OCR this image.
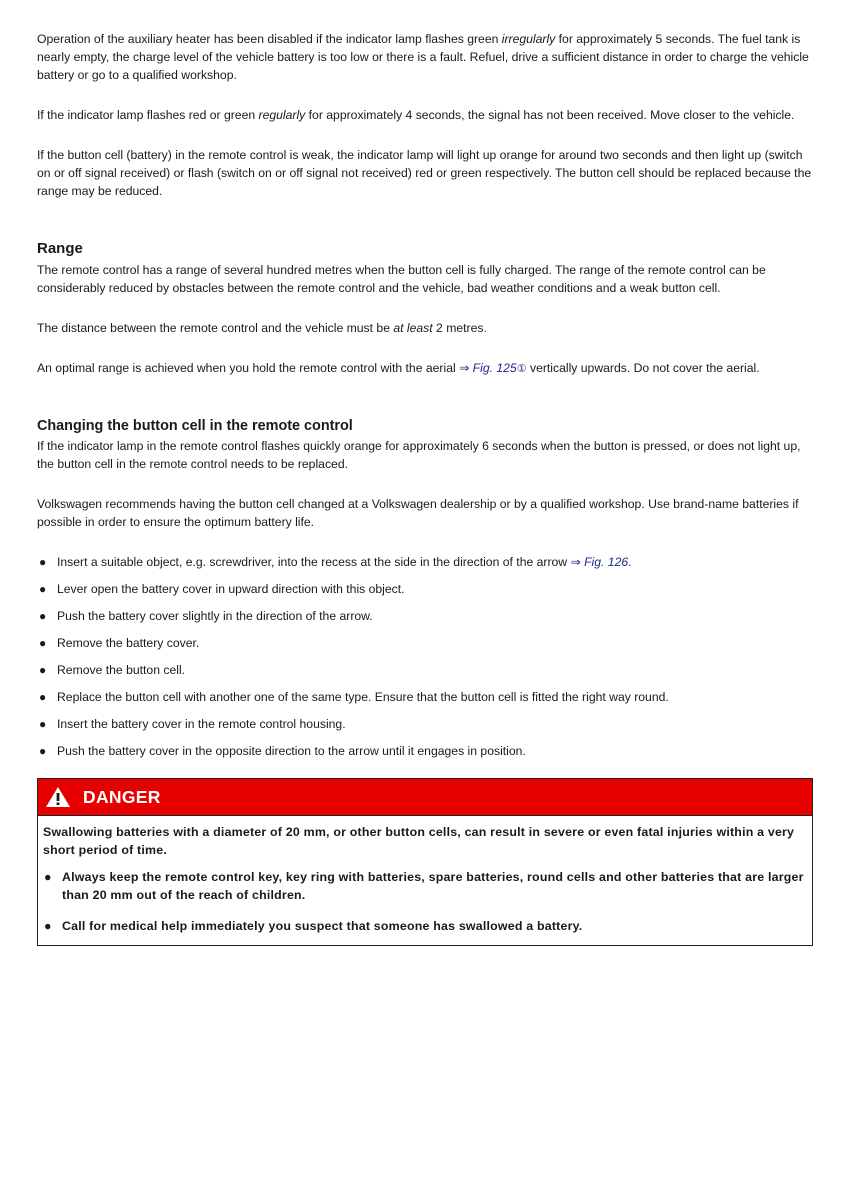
Operation of the auxiliary heater has been disabled if the indicator lamp flashes green irregularly for approximately 5 seconds. The fuel tank is nearly empty, the charge level of the vehicle battery is too low or there is a fault. Refuel, drive a sufficient distance in order to charge the vehicle battery or go to a qualified workshop.

If the indicator lamp flashes red or green regularly for approximately 4 seconds, the signal has not been received. Move closer to the vehicle.

If the button cell (battery) in the remote control is weak, the indicator lamp will light up orange for around two seconds and then light up (switch on or off signal received) or flash (switch on or off signal not received) red or green respectively. The button cell should be replaced because the range may be reduced.

Range

The remote control has a range of several hundred metres when the button cell is fully charged. The range of the remote control can be considerably reduced by obstacles between the remote control and the vehicle, bad weather conditions and a weak button cell.

The distance between the remote control and the vehicle must be at least 2 metres.

An optimal range is achieved when you hold the remote control with the aerial ⇒ Fig. 125① vertically upwards. Do not cover the aerial.

Changing the button cell in the remote control

If the indicator lamp in the remote control flashes quickly orange for approximately 6 seconds when the button is pressed, or does not light up, the button cell in the remote control needs to be replaced.

Volkswagen recommends having the button cell changed at a Volkswagen dealership or by a qualified workshop. Use brand-name batteries if possible in order to ensure the optimum battery life.

● Insert a suitable object, e.g. screwdriver, into the recess at the side in the direction of the arrow ⇒ Fig. 126.
● Lever open the battery cover in upward direction with this object.
● Push the battery cover slightly in the direction of the arrow.
● Remove the battery cover.
● Remove the button cell.
● Replace the button cell with another one of the same type. Ensure that the button cell is fitted the right way round.
● Insert the battery cover in the remote control housing.
● Push the battery cover in the opposite direction to the arrow until it engages in position.
DANGER

Swallowing batteries with a diameter of 20 mm, or other button cells, can result in severe or even fatal injuries within a very short period of time.

● Always keep the remote control key, key ring with batteries, spare batteries, round cells and other batteries that are larger than 20 mm out of the reach of children.
● Call for medical help immediately you suspect that someone has swallowed a battery.
